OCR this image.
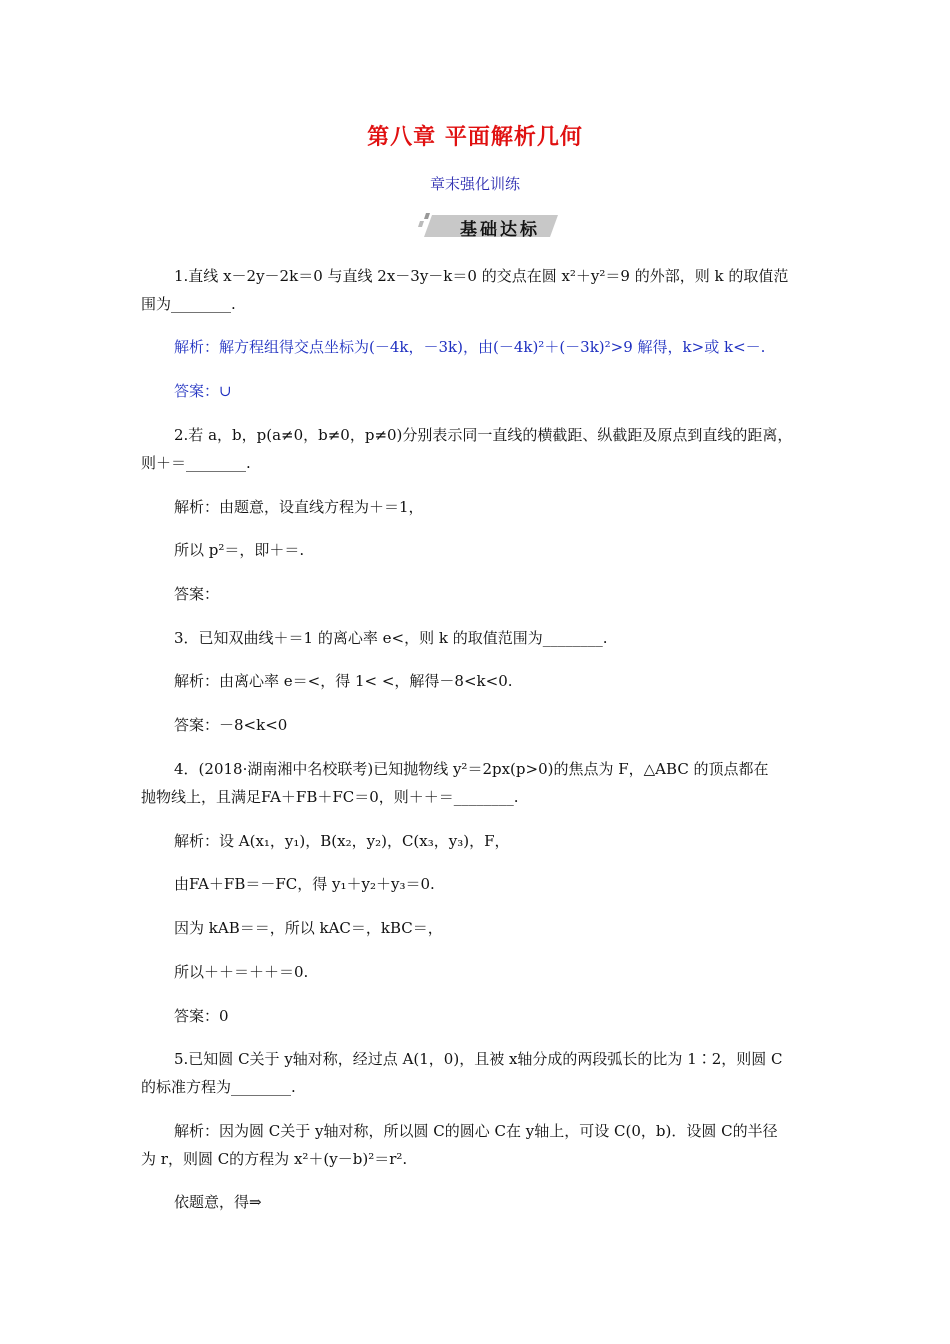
第八章 平面解析几何
章末强化训练
基础达标
1.直线 x－2y－2k＝0 与直线 2x－3y－k＝0 的交点在圆 x²＋y²＝9 的外部，则 k 的取值范
围为________.
解析：解方程组得交点坐标为(－4k，－3k)，由(－4k)²＋(－3k)²>9 解得，k>或 k<－.
答案：∪
2.若 a，b，p(a≠0，b≠0，p≠0)分别表示同一直线的横截距、纵截距及原点到直线的距离，
则＋＝________.
解析：由题意，设直线方程为＋＝1，
所以 p²＝，即＋＝.
答案：
3．已知双曲线＋＝1 的离心率 e<，则 k 的取值范围为________.
解析：由离心率 e＝<，得 1< <，解得－8<k<0.
答案：－8<k<0
4．(2018·湖南湘中名校联考)已知抛物线 y²＝2px(p>0)的焦点为 F，△ABC 的顶点都在
抛物线上，且满足FA＋FB＋FC＝0，则＋＋＝________.
解析：设 A(x₁，y₁)，B(x₂，y₂)，C(x₃，y₃)，F，
由FA＋FB＝－FC，得 y₁＋y₂＋y₃＝0.
因为 kAB＝＝，所以 kAC＝，kBC＝，
所以＋＋＝＋＋＝0.
答案：0
5.已知圆 C关于 y轴对称，经过点 A(1，0)，且被 x轴分成的两段弧长的比为 1∶2，则圆 C
的标准方程为________.
解析：因为圆 C关于 y轴对称，所以圆 C的圆心 C在 y轴上，可设 C(0，b)．设圆 C的半径
为 r，则圆 C的方程为 x²＋(y－b)²＝r².
依题意，得⇒
